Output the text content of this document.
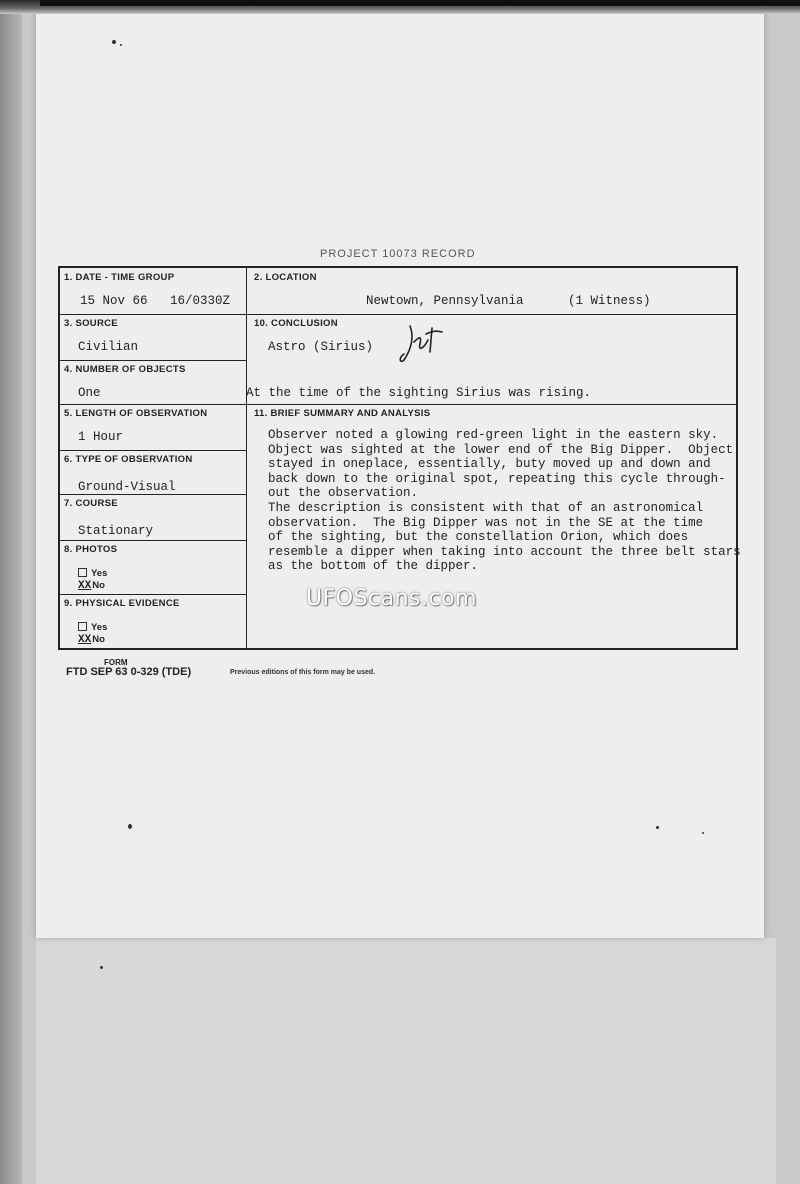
PROJECT 10073 RECORD
1. DATE - TIME GROUP
15 Nov 66 16/0330Z
2. LOCATION
Newtown, Pennsylvania	(1 Witness)
3. SOURCE
Civilian
4. NUMBER OF OBJECTS
One
5. LENGTH OF OBSERVATION
1 Hour
6. TYPE OF OBSERVATION
Ground-Visual
7. COURSE
Stationary
8. PHOTOS
Yes
XXNo
9. PHYSICAL EVIDENCE
Yes
XXNo
10. CONCLUSION
Astro (Sirius)
At the time of the sighting Sirius was rising.
11. BRIEF SUMMARY AND ANALYSIS
Observer noted a glowing red-green light in the eastern sky.
Object was sighted at the lower end of the Big Dipper.  Object
stayed in oneplace, essentially, buty moved up and down and
back down to the original spot, repeating this cycle through-
out the observation.
The description is consistent with that of an astronomical
observation.  The Big Dipper was not in the SE at the time
of the sighting, but the constellation Orion, which does
resemble a dipper when taking into account the three belt stars
as the bottom of the dipper.
FORM
FTD SEP 63 0-329 (TDE)	Previous editions of this form may be used.
UFOScans.com
